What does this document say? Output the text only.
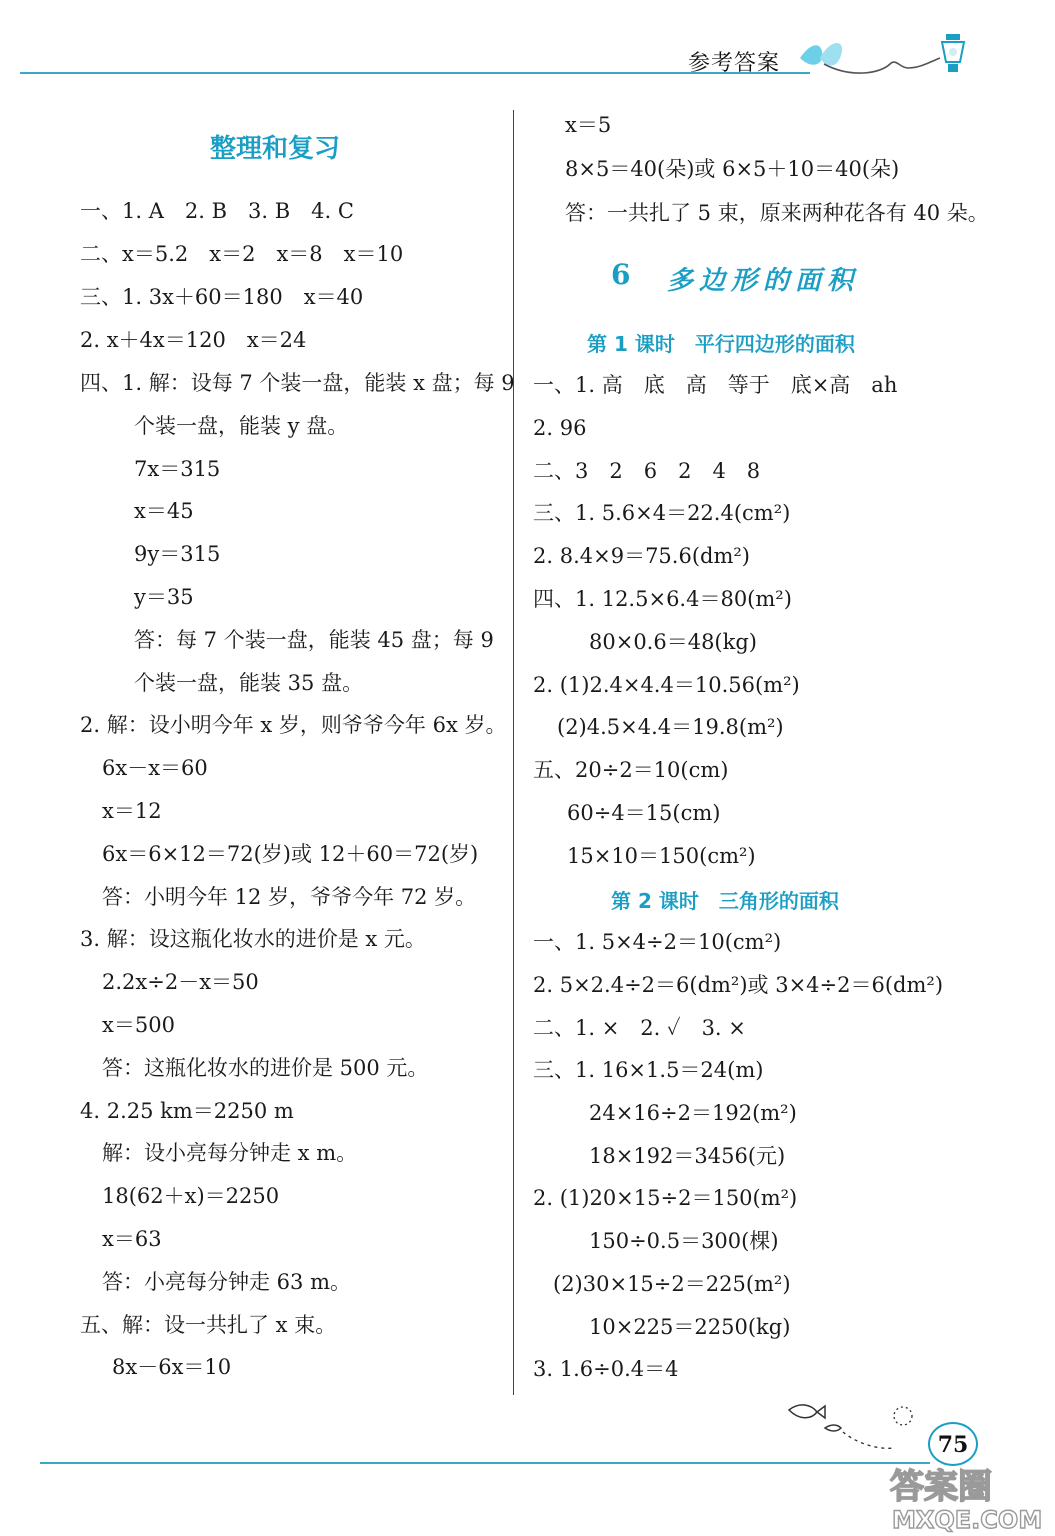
参考答案
整理和复习
一、1. A　2. B　3. B　4. C
二、x＝5.2　x＝2　x＝8　x＝10
三、1. 3x＋60＝180　x＝40
2. x＋4x＝120　x＝24
四、1. 解：设每 7 个装一盘，能装 x 盘；每 9
个装一盘，能装 y 盘。
7x＝315
x＝45
9y＝315
y＝35
答：每 7 个装一盘，能装 45 盘；每 9
个装一盘，能装 35 盘。
2. 解：设小明今年 x 岁，则爷爷今年 6x 岁。
6x－x＝60
x＝12
6x＝6×12＝72(岁)或 12＋60＝72(岁)
答：小明今年 12 岁，爷爷今年 72 岁。
3. 解：设这瓶化妆水的进价是 x 元。
2.2x÷2－x＝50
x＝500
答：这瓶化妆水的进价是 500 元。
4. 2.25 km＝2250 m
解：设小亮每分钟走 x m。
18(62＋x)＝2250
x＝63
答：小亮每分钟走 63 m。
五、解：设一共扎了 x 束。
8x－6x＝10
x＝5
8×5＝40(朵)或 6×5＋10＝40(朵)
答：一共扎了 5 束，原来两种花各有 40 朵。
6 多边形的面积
第 1 课时　平行四边形的面积
一、1. 高　底　高　等于　底×高　ah
2. 96
二、3　2　6　2　4　8
三、1. 5.6×4＝22.4(cm²)
2. 8.4×9＝75.6(dm²)
四、1. 12.5×6.4＝80(m²)
80×0.6＝48(kg)
2. (1)2.4×4.4＝10.56(m²)
(2)4.5×4.4＝19.8(m²)
五、20÷2＝10(cm)
60÷4＝15(cm)
15×10＝150(cm²)
第 2 课时　三角形的面积
一、1. 5×4÷2＝10(cm²)
2. 5×2.4÷2＝6(dm²)或 3×4÷2＝6(dm²)
二、1. ×　2. ✓　3. ×
三、1. 16×1.5＝24(m)
24×16÷2＝192(m²)
18×192＝3456(元)
2. (1)20×15÷2＝150(m²)
150÷0.5＝300(棵)
(2)30×15÷2＝225(m²)
10×225＝2250(kg)
3. 1.6÷0.4＝4
75
答案圈
MXQE.COM
